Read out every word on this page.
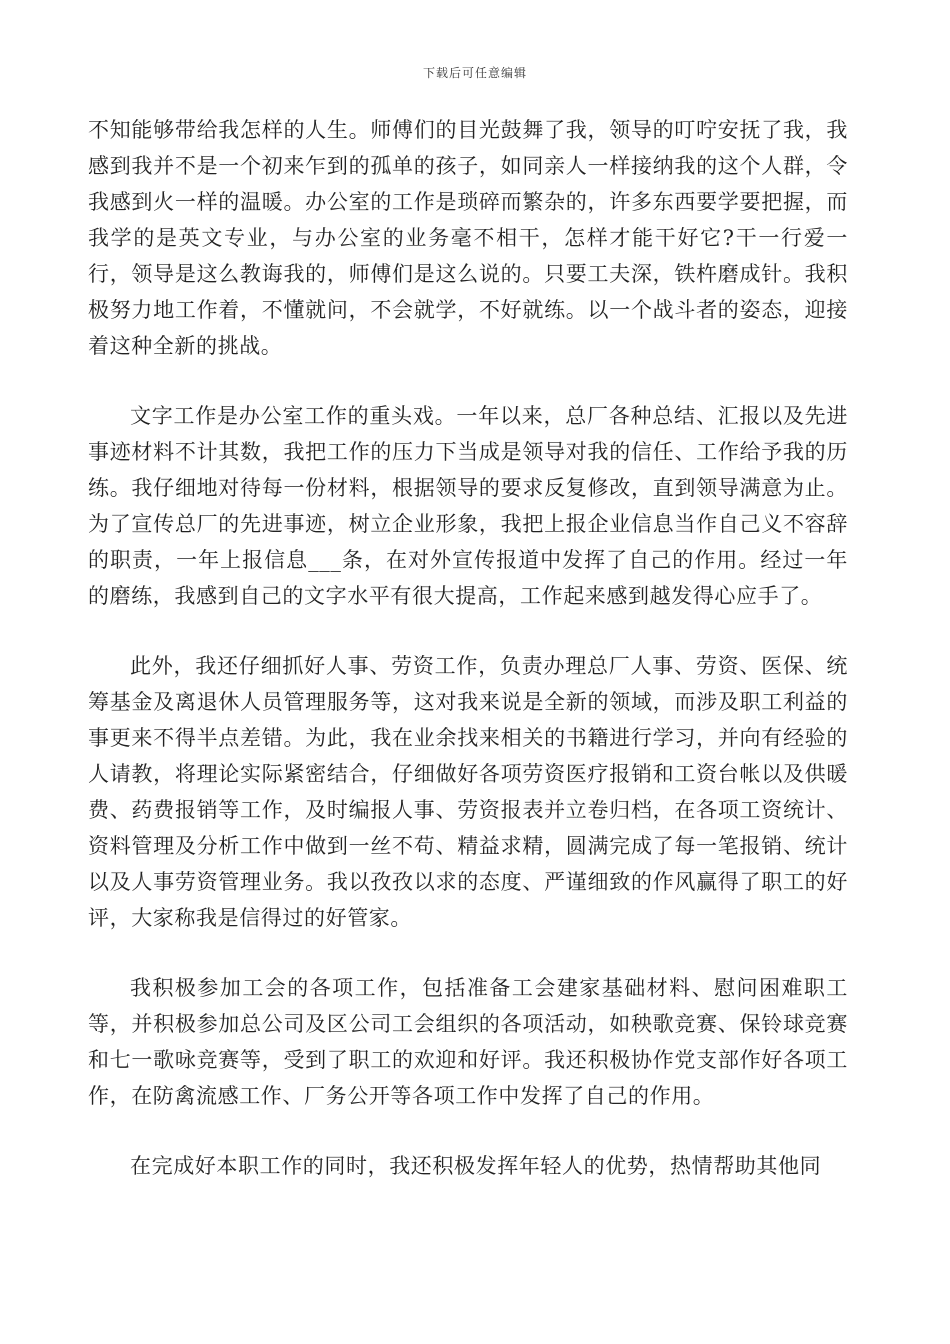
下载后可任意编辑

不知能够带给我怎样的人生。师傅们的目光鼓舞了我，领导的叮咛安抚了我，我感到我并不是一个初来乍到的孤单的孩子，如同亲人一样接纳我的这个人群，令我感到火一样的温暖。办公室的工作是琐碎而繁杂的，许多东西要学要把握，而我学的是英文专业，与办公室的业务毫不相干，怎样才能干好它?干一行爱一行，领导是这么教诲我的，师傅们是这么说的。只要工夫深，铁杵磨成针。我积极努力地工作着，不懂就问，不会就学，不好就练。以一个战斗者的姿态，迎接着这种全新的挑战。

文字工作是办公室工作的重头戏。一年以来，总厂各种总结、汇报以及先进事迹材料不计其数，我把工作的压力下当成是领导对我的信任、工作给予我的历练。我仔细地对待每一份材料，根据领导的要求反复修改，直到领导满意为止。为了宣传总厂的先进事迹，树立企业形象，我把上报企业信息当作自己义不容辞的职责，一年上报信息___条，在对外宣传报道中发挥了自己的作用。经过一年的磨练，我感到自己的文字水平有很大提高，工作起来感到越发得心应手了。

此外，我还仔细抓好人事、劳资工作，负责办理总厂人事、劳资、医保、统筹基金及离退休人员管理服务等，这对我来说是全新的领域，而涉及职工利益的事更来不得半点差错。为此，我在业余找来相关的书籍进行学习，并向有经验的人请教，将理论实际紧密结合，仔细做好各项劳资医疗报销和工资台帐以及供暖费、药费报销等工作，及时编报人事、劳资报表并立卷归档，在各项工资统计、资料管理及分析工作中做到一丝不苟、精益求精，圆满完成了每一笔报销、统计以及人事劳资管理业务。我以孜孜以求的态度、严谨细致的作风赢得了职工的好评，大家称我是信得过的好管家。

我积极参加工会的各项工作，包括准备工会建家基础材料、慰问困难职工等，并积极参加总公司及区公司工会组织的各项活动，如秧歌竞赛、保铃球竞赛和七一歌咏竞赛等，受到了职工的欢迎和好评。我还积极协作党支部作好各项工作，在防禽流感工作、厂务公开等各项工作中发挥了自己的作用。

在完成好本职工作的同时，我还积极发挥年轻人的优势，热情帮助其他同
